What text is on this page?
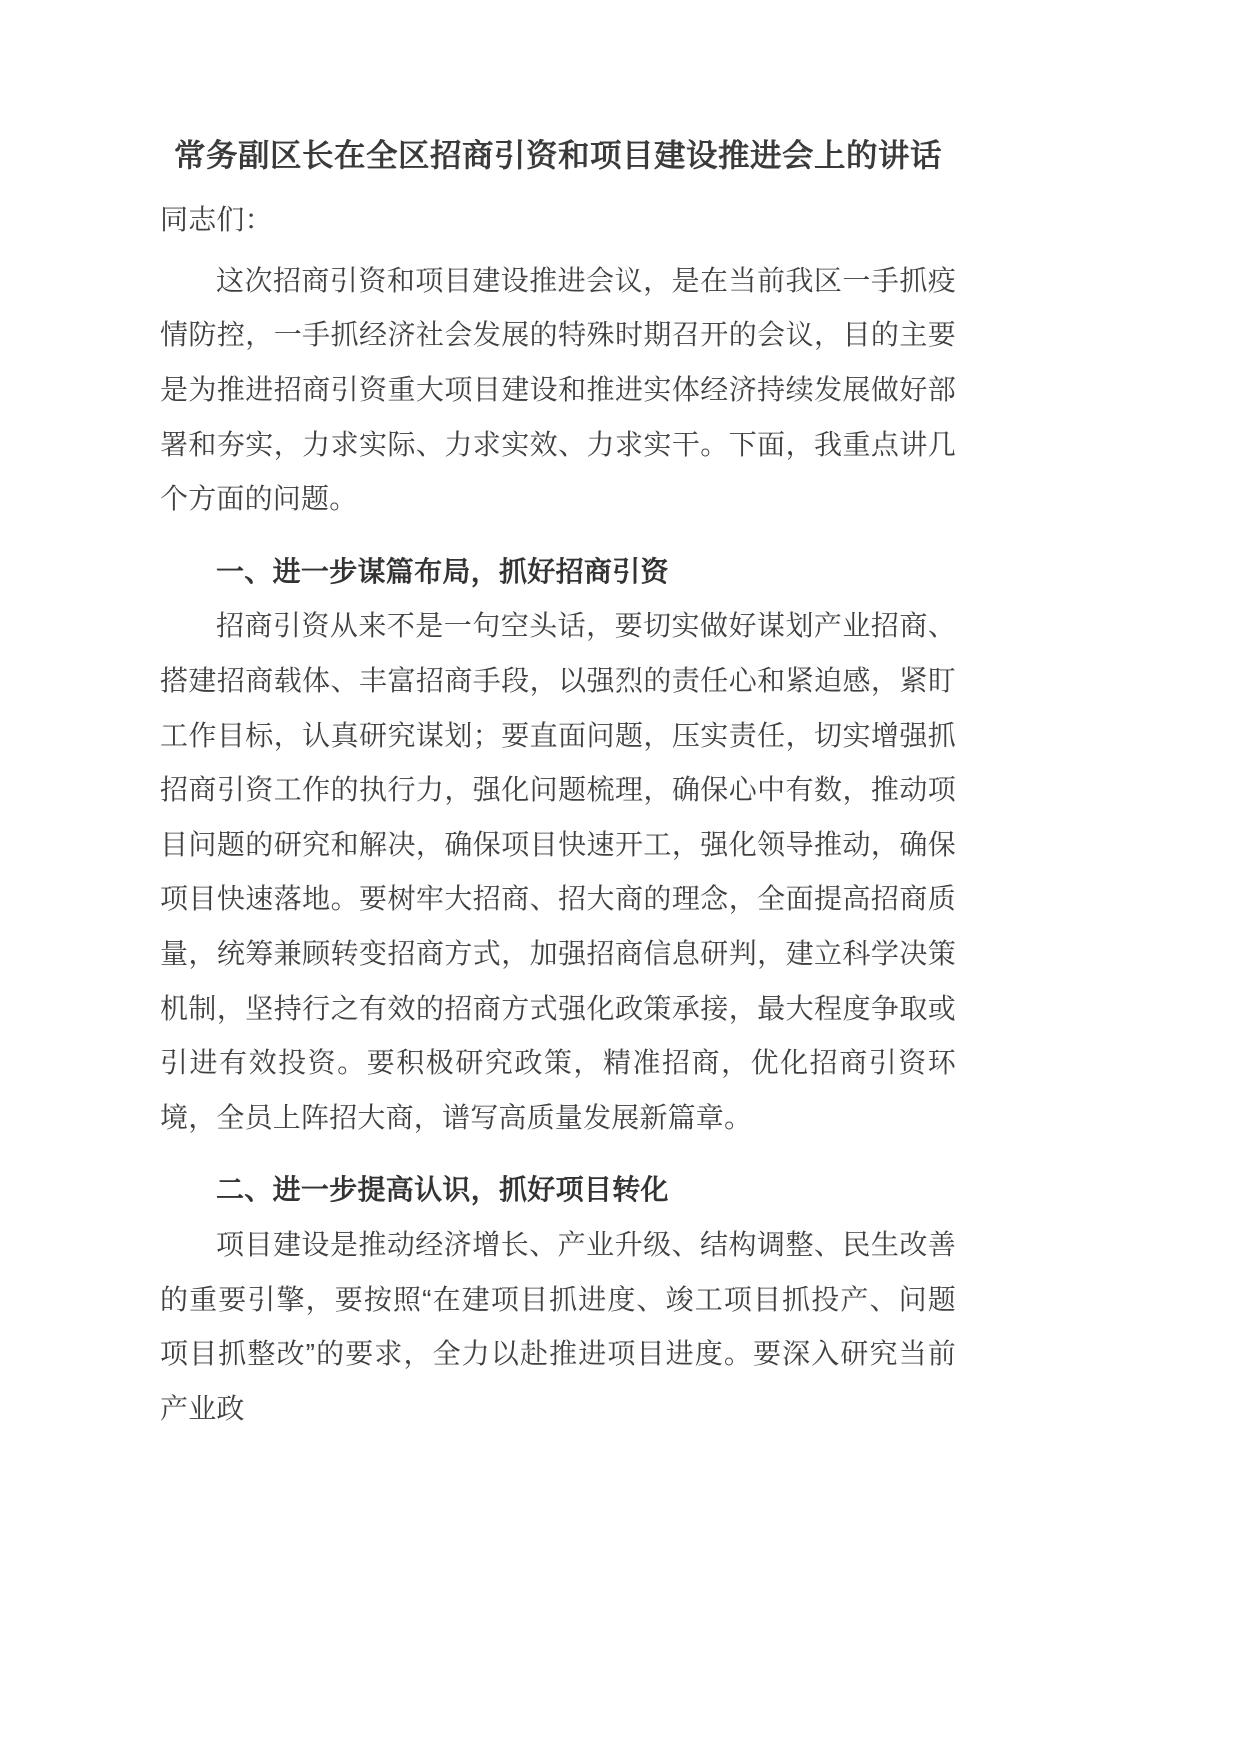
常务副区长在全区招商引资和项目建设推进会上的讲话

同志们：

这次招商引资和项目建设推进会议，是在当前我区一手抓疫情防控，一手抓经济社会发展的特殊时期召开的会议，目的主要是为推进招商引资重大项目建设和推进实体经济持续发展做好部署和夯实，力求实际、力求实效、力求实干。下面，我重点讲几个方面的问题。

一、进一步谋篇布局，抓好招商引资

招商引资从来不是一句空头话，要切实做好谋划产业招商、搭建招商载体、丰富招商手段，以强烈的责任心和紧迫感，紧盯工作目标，认真研究谋划；要直面问题，压实责任，切实增强抓招商引资工作的执行力，强化问题梳理，确保心中有数，推动项目问题的研究和解决，确保项目快速开工，强化领导推动，确保项目快速落地。要树牢大招商、招大商的理念，全面提高招商质量，统筹兼顾转变招商方式，加强招商信息研判，建立科学决策机制，坚持行之有效的招商方式强化政策承接，最大程度争取或引进有效投资。要积极研究政策，精准招商，优化招商引资环境，全员上阵招大商，谱写高质量发展新篇章。

二、进一步提高认识，抓好项目转化

项目建设是推动经济增长、产业升级、结构调整、民生改善的重要引擎，要按照“在建项目抓进度、竣工项目抓投产、问题项目抓整改”的要求，全力以赴推进项目进度。要深入研究当前产业政
